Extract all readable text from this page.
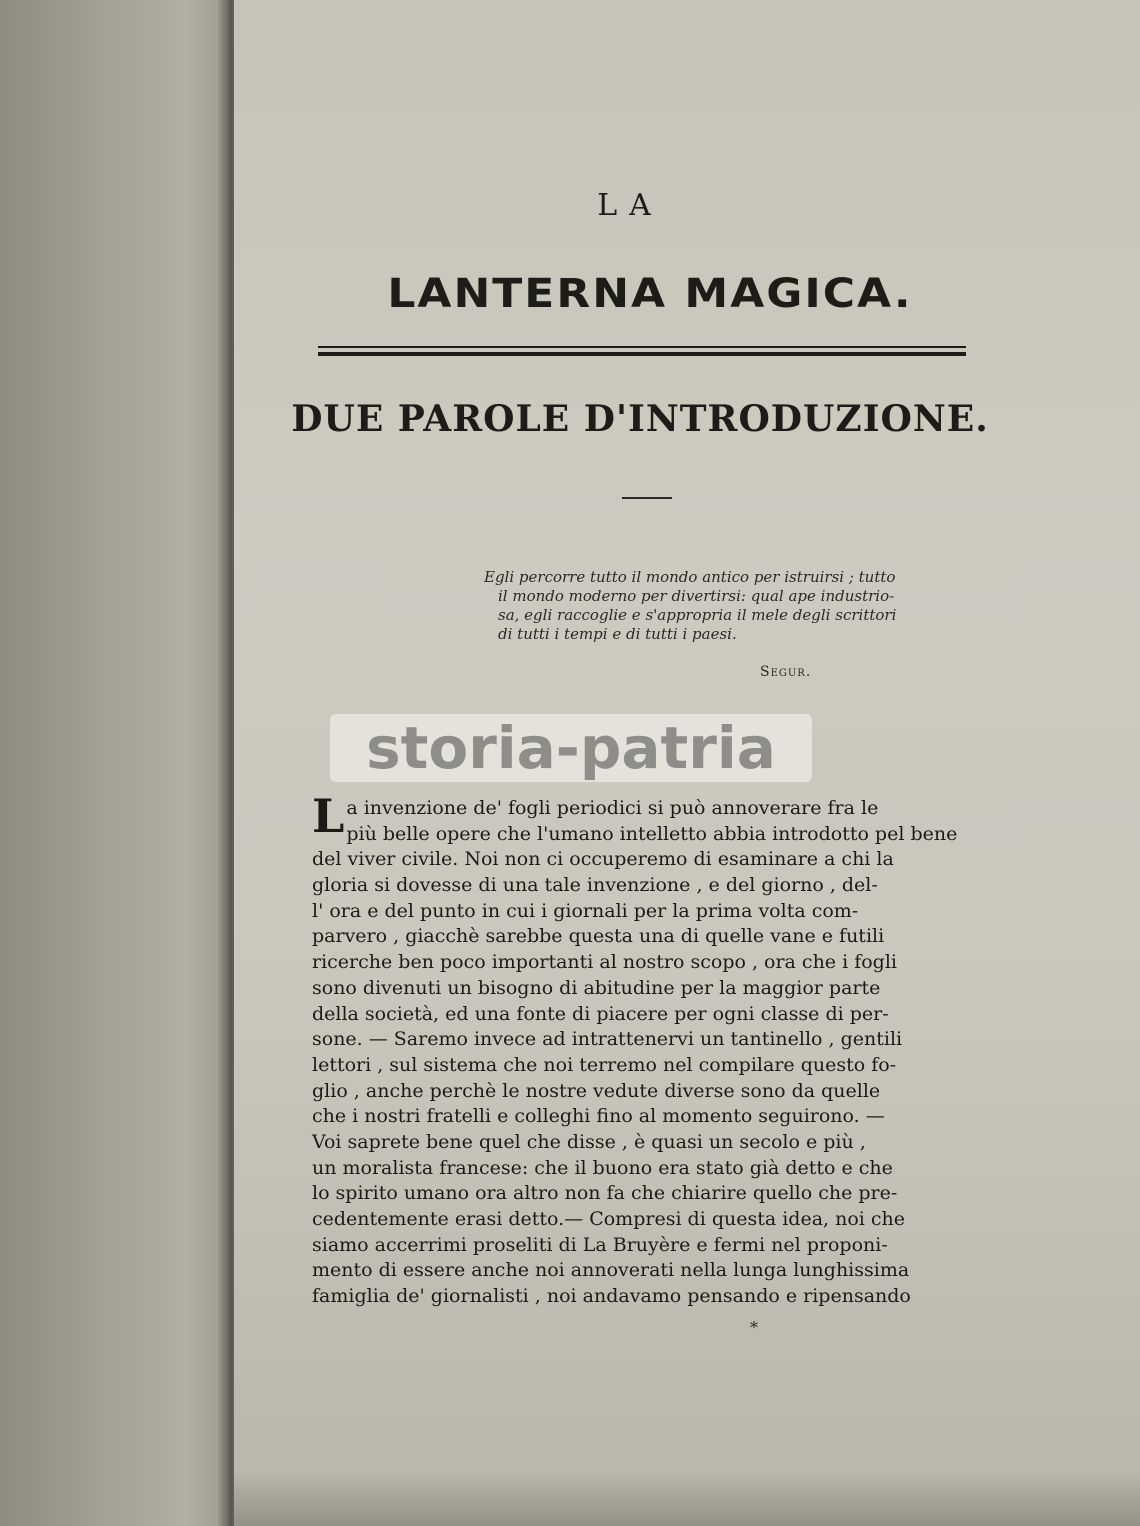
LA
LANTERNA MAGICA.
DUE PAROLE D'INTRODUZIONE.
Egli percorre tutto il mondo antico per istruirsi ; tutto
il mondo moderno per divertirsi: qual ape industrio-
sa, egli raccoglie e s'appropria il mele degli scrittori
di tutti i tempi e di tutti i paesi.
Segur.
storia-patria
La invenzione de' fogli periodici si può annoverare fra le
più belle opere che l'umano intelletto abbia introdotto pel bene
del viver civile. Noi non ci occuperemo di esaminare a chi la
gloria si dovesse di una tale invenzione , e del giorno , del-
l' ora e del punto in cui i giornali per la prima volta com-
parvero , giacchè sarebbe questa una di quelle vane e futili
ricerche ben poco importanti al nostro scopo , ora che i fogli
sono divenuti un bisogno di abitudine per la maggior parte
della società, ed una fonte di piacere per ogni classe di per-
sone. — Saremo invece ad intrattenervi un tantinello , gentili
lettori , sul sistema che noi terremo nel compilare questo fo-
glio , anche perchè le nostre vedute diverse sono da quelle
che i nostri fratelli e colleghi fino al momento seguirono. —
Voi saprete bene quel che disse , è quasi un secolo e più ,
un moralista francese: che il buono era stato già detto e che
lo spirito umano ora altro non fa che chiarire quello che pre-
cedentemente erasi detto.— Compresi di questa idea, noi che
siamo accerrimi proseliti di La Bruyère e fermi nel proponi-
mento di essere anche noi annoverati nella lunga lunghissima
famiglia de' giornalisti , noi andavamo pensando e ripensando
*
